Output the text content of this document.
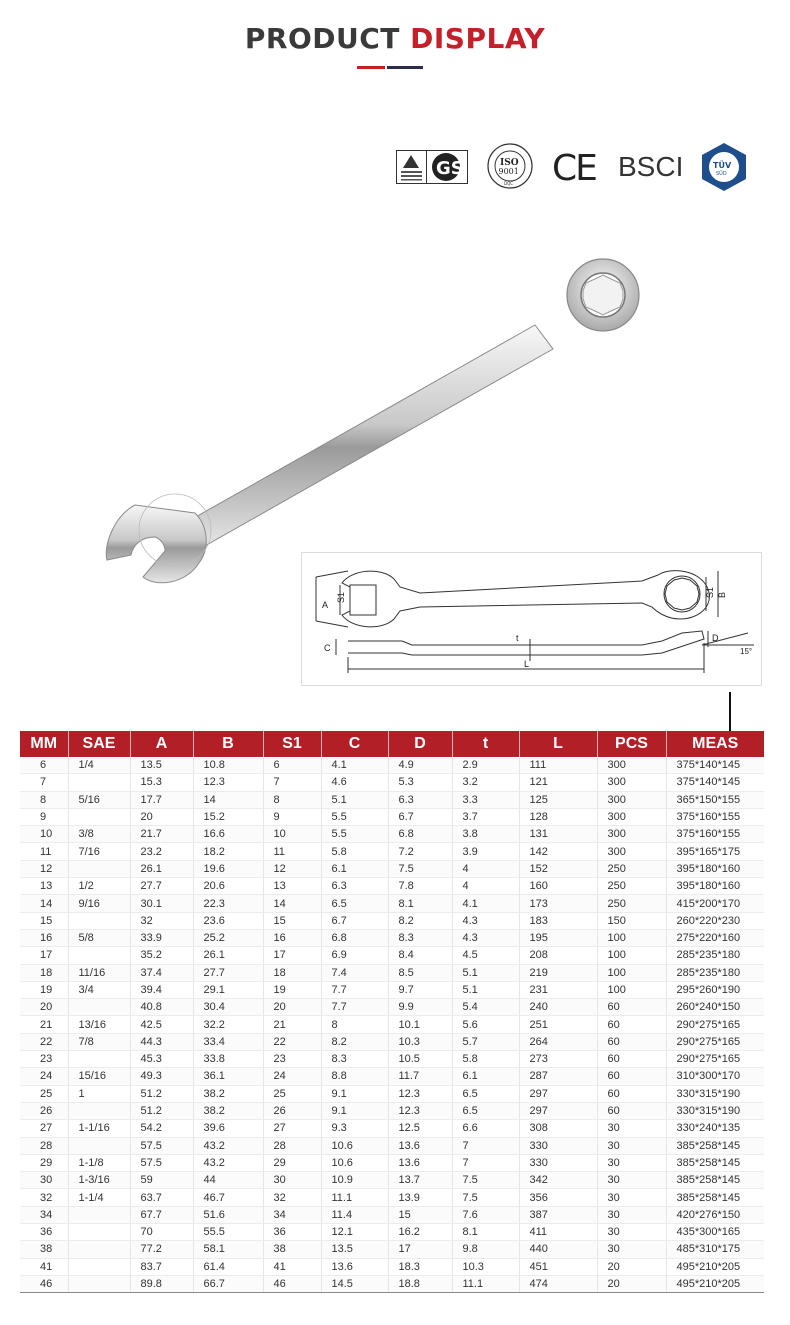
PRODUCT DISPLAY
GS	ISO
9001
DQC CE BSCI	TÜV
SÜD
A
S1	S1 B
C
t	D
L
15°
MM	SAE	A	B	S1	C	D	t	L	PCS	MEAS
6	1/4	13.5	10.8	6	4.1	4.9	2.9	111	300	375*140*145
7		15.3	12.3	7	4.6	5.3	3.2	121	300	375*140*145
8	5/16	17.7	14	8	5.1	6.3	3.3	125	300	365*150*155
9		20	15.2	9	5.5	6.7	3.7	128	300	375*160*155
10	3/8	21.7	16.6	10	5.5	6.8	3.8	131	300	375*160*155
11	7/16	23.2	18.2	11	5.8	7.2	3.9	142	300	395*165*175
12		26.1	19.6	12	6.1	7.5	4	152	250	395*180*160
13	1/2	27.7	20.6	13	6.3	7.8	4	160	250	395*180*160
14	9/16	30.1	22.3	14	6.5	8.1	4.1	173	250	415*200*170
15		32	23.6	15	6.7	8.2	4.3	183	150	260*220*230
16	5/8	33.9	25.2	16	6.8	8.3	4.3	195	100	275*220*160
17		35.2	26.1	17	6.9	8.4	4.5	208	100	285*235*180
18	11/16	37.4	27.7	18	7.4	8.5	5.1	219	100	285*235*180
19	3/4	39.4	29.1	19	7.7	9.7	5.1	231	100	295*260*190
20		40.8	30.4	20	7.7	9.9	5.4	240	60	260*240*150
21	13/16	42.5	32.2	21	8	10.1	5.6	251	60	290*275*165
22	7/8	44.3	33.4	22	8.2	10.3	5.7	264	60	290*275*165
23		45.3	33.8	23	8.3	10.5	5.8	273	60	290*275*165
24	15/16	49.3	36.1	24	8.8	11.7	6.1	287	60	310*300*170
25	1	51.2	38.2	25	9.1	12.3	6.5	297	60	330*315*190
26		51.2	38.2	26	9.1	12.3	6.5	297	60	330*315*190
27	1-1/16	54.2	39.6	27	9.3	12.5	6.6	308	30	330*240*135
28		57.5	43.2	28	10.6	13.6	7	330	30	385*258*145
29	1-1/8	57.5	43.2	29	10.6	13.6	7	330	30	385*258*145
30	1-3/16	59	44	30	10.9	13.7	7.5	342	30	385*258*145
32	1-1/4	63.7	46.7	32	11.1	13.9	7.5	356	30	385*258*145
34		67.7	51.6	34	11.4	15	7.6	387	30	420*276*150
36		70	55.5	36	12.1	16.2	8.1	411	30	435*300*165
38		77.2	58.1	38	13.5	17	9.8	440	30	485*310*175
41		83.7	61.4	41	13.6	18.3	10.3	451	20	495*210*205
46		89.8	66.7	46	14.5	18.8	11.1	474	20	495*210*205
